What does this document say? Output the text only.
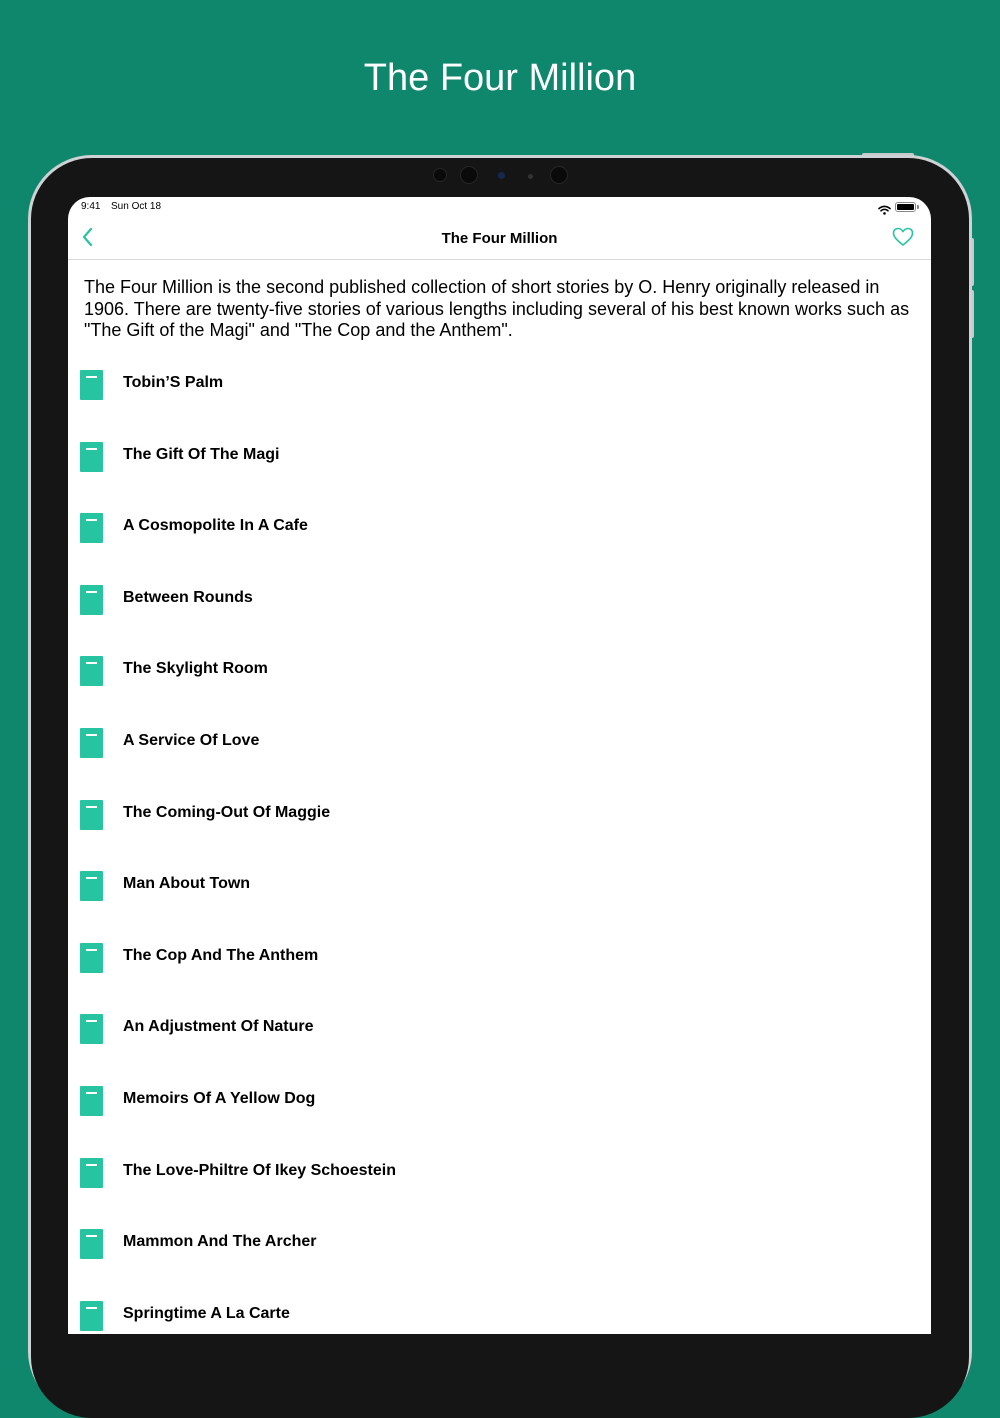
The Four Million
9:41 Sun Oct 18
The Four Million

The Four Million is the second published collection of short stories by O. Henry originally released in 1906. There are twenty-five stories of various lengths including several of his best known works such as "The Gift of the Magi" and "The Cop and the Anthem".

Tobin’S Palm
The Gift Of The Magi
A Cosmopolite In A Cafe
Between Rounds
The Skylight Room
A Service Of Love
The Coming-Out Of Maggie
Man About Town
The Cop And The Anthem
An Adjustment Of Nature
Memoirs Of A Yellow Dog
The Love-Philtre Of Ikey Schoestein
Mammon And The Archer
Springtime A La Carte
